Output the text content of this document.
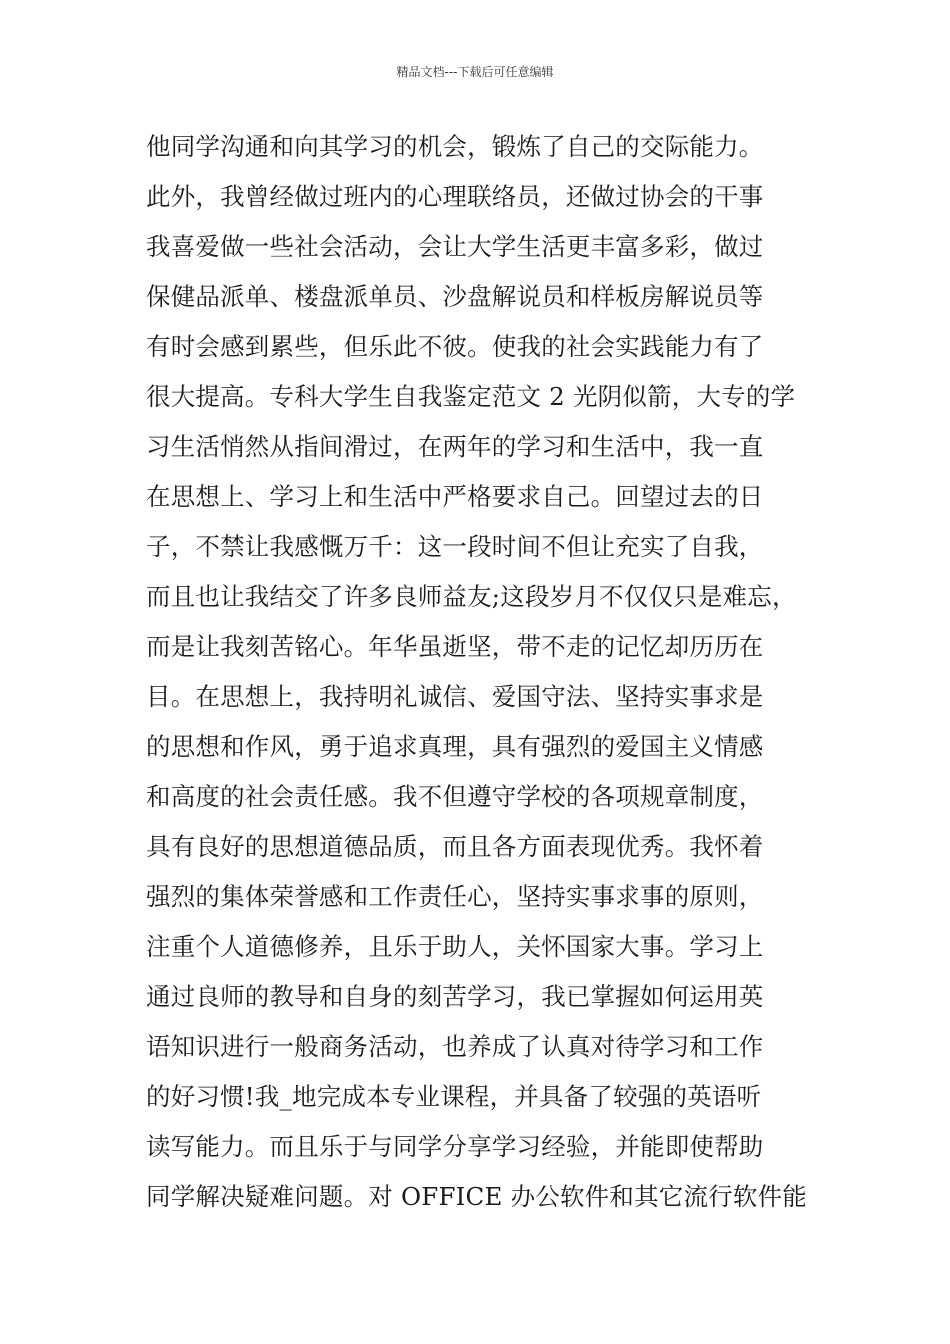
精品文档---下载后可任意编辑
他同学沟通和向其学习的机会，锻炼了自己的交际能力。
此外，我曾经做过班内的心理联络员，还做过协会的干事
我喜爱做一些社会活动，会让大学生活更丰富多彩，做过
保健品派单、楼盘派单员、沙盘解说员和样板房解说员等
有时会感到累些，但乐此不彼。使我的社会实践能力有了
很大提高。专科大学生自我鉴定范文 2 光阴似箭，大专的学
习生活悄然从指间滑过，在两年的学习和生活中，我一直
在思想上、学习上和生活中严格要求自己。回望过去的日
子，不禁让我感慨万千：这一段时间不但让充实了自我，
而且也让我结交了许多良师益友;这段岁月不仅仅只是难忘，
而是让我刻苦铭心。年华虽逝坚，带不走的记忆却历历在
目。在思想上，我持明礼诚信、爱国守法、坚持实事求是
的思想和作风，勇于追求真理，具有强烈的爱国主义情感
和高度的社会责任感。我不但遵守学校的各项规章制度，
具有良好的思想道德品质，而且各方面表现优秀。我怀着
强烈的集体荣誉感和工作责任心，坚持实事求事的原则，
注重个人道德修养，且乐于助人，关怀国家大事。学习上
通过良师的教导和自身的刻苦学习，我已掌握如何运用英
语知识进行一般商务活动，也养成了认真对待学习和工作
的好习惯!我_地完成本专业课程，并具备了较强的英语听
读写能力。而且乐于与同学分享学习经验，并能即使帮助
同学解决疑难问题。对 OFFICE 办公软件和其它流行软件能
